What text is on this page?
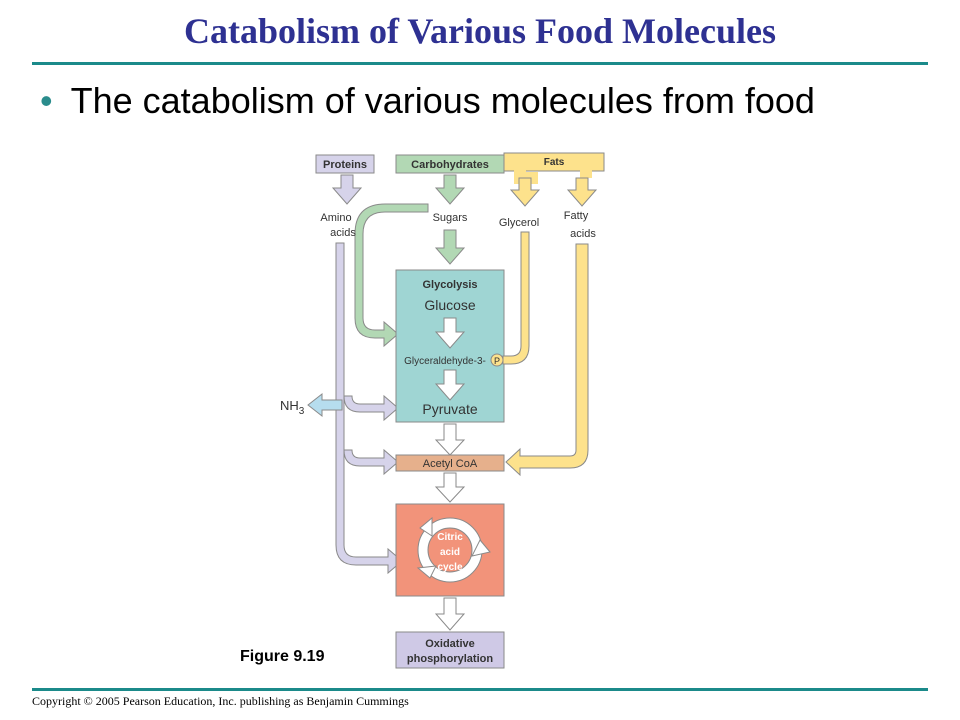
Catabolism of Various Food Molecules
• The catabolism of various molecules from food
Proteins	Carbohydrates	Fats
Amino
acids
Sugars	Glycerol
Fatty
acids
Glycolysis
Glucose
Glyceraldehyde-3- P
Pyruvate
$NH_3$
Acetyl CoA
Citric
acid
cycle
Oxidative
phosphorylation
Figure 9.19
Copyright © 2005 Pearson Education, Inc. publishing as Benjamin Cummings
